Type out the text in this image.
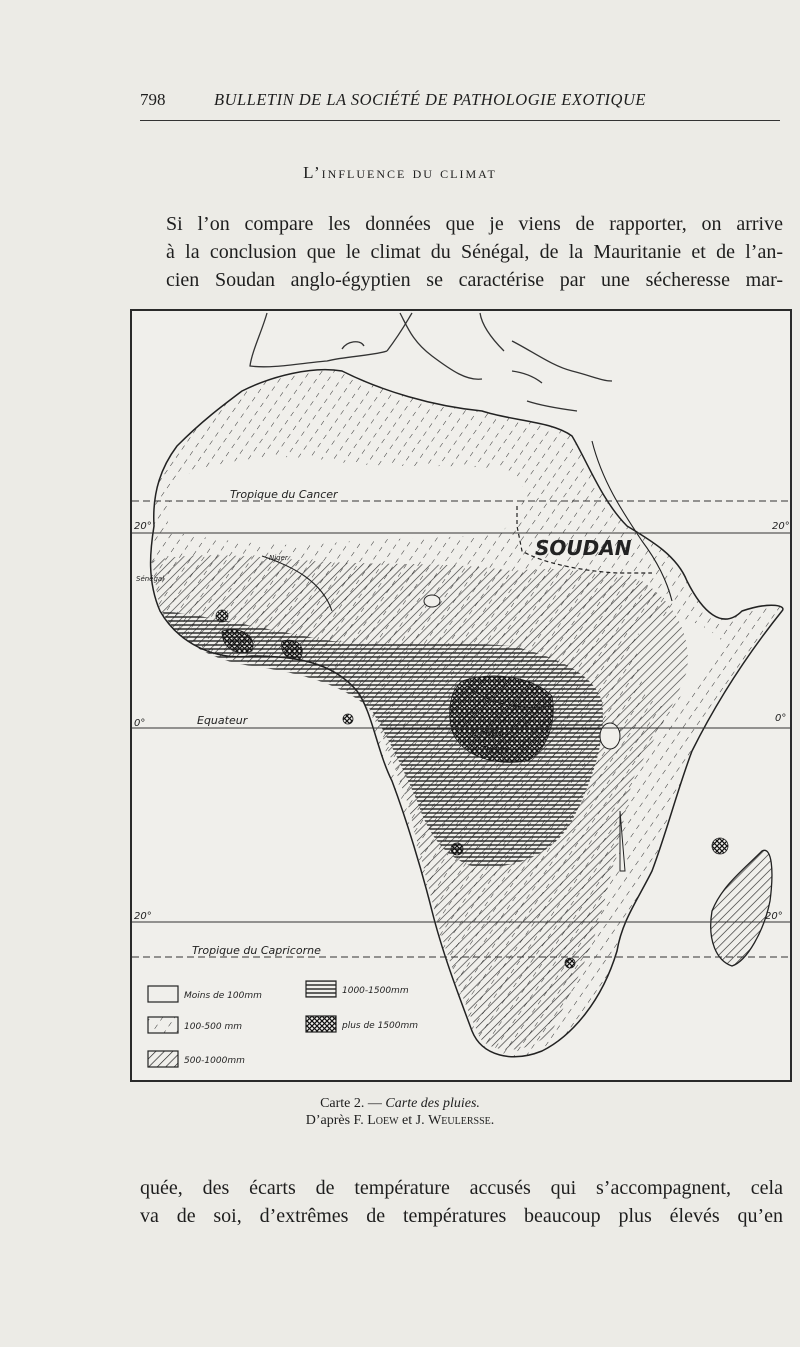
798	BULLETIN DE LA SOCIÉTÉ DE PATHOLOGIE EXOTIQUE
L’influence du climat
Si l’on compare les données que je viens de rapporter, on arrive
à la conclusion que le climat du Sénégal, de la Mauritanie et de l’an-
cien Soudan anglo-égyptien se caractérise par une sécheresse mar-
Tropique du Cancer
Equateur
Tropique du Capricorne
SOUDAN
Congo
Belge
Niger
Sénégal
20°	20°
0°	0°
20°	20°
Moins de 100mm
100-500 mm
500-1000mm
1000-1500mm
plus de 1500mm
Carte 2. — Carte des pluies.
D’après F. Loew et J. Weulersse.
quée, des écarts de température accusés qui s’accompagnent, cela
va de soi, d’extrêmes de températures beaucoup plus élevés qu’en
